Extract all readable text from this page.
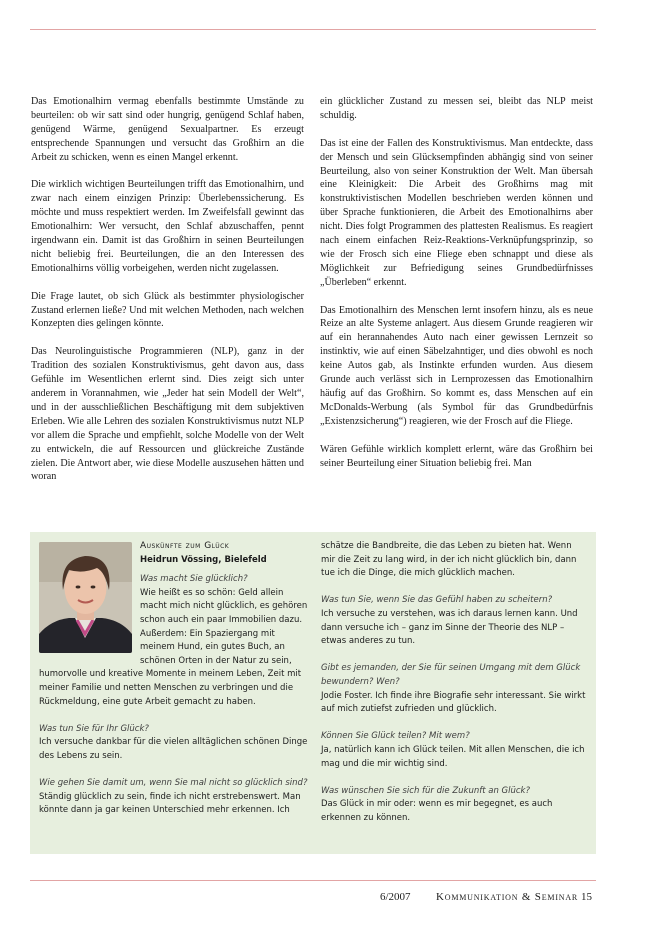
Das Emotionalhirn vermag ebenfalls bestimmte Umstände zu beurteilen: ob wir satt sind oder hungrig, genügend Schlaf haben, genügend Wärme, genügend Sexualpartner. Es erzeugt entsprechende Spannungen und versucht das Großhirn an die Arbeit zu schicken, wenn es einen Mangel erkennt.

Die wirklich wichtigen Beurteilungen trifft das Emotionalhirn, und zwar nach einem einzigen Prinzip: Überlebenssicherung. Es möchte und muss respektiert werden. Im Zweifelsfall gewinnt das Emotionalhirn: Wer versucht, den Schlaf abzuschaffen, pennt irgendwann ein. Damit ist das Großhirn in seinen Beurteilungen nicht beliebig frei. Beurteilungen, die an den Interessen des Emotionalhirns völlig vorbeigehen, werden nicht zugelassen.

Die Frage lautet, ob sich Glück als bestimmter physiologischer Zustand erlernen ließe? Und mit welchen Methoden, nach welchen Konzepten dies gelingen könnte.

Das Neurolinguistische Programmieren (NLP), ganz in der Tradition des sozialen Konstruktivismus, geht davon aus, dass Gefühle im Wesentlichen erlernt sind. Dies zeigt sich unter anderem in Vorannahmen, wie „Jeder hat sein Modell der Welt“, und in der ausschließlichen Beschäftigung mit dem subjektiven Erleben. Wie alle Lehren des sozialen Konstruktivismus nutzt NLP vor allem die Sprache und empfiehlt, solche Modelle von der Welt zu entwickeln, die auf Ressourcen und glückreiche Zustände zielen. Die Antwort aber, wie diese Modelle auszusehen hätten und woran

ein glücklicher Zustand zu messen sei, bleibt das NLP meist schuldig.

Das ist eine der Fallen des Konstruktivismus. Man entdeckte, dass der Mensch und sein Glücksempfinden abhängig sind von seiner Beurteilung, also von seiner Konstruktion der Welt. Man übersah eine Kleinigkeit: Die Arbeit des Großhirns mag mit konstruktivistischen Modellen beschrieben werden können und über Sprache funktionieren, die Arbeit des Emotionalhirns aber nicht. Dies folgt Programmen des plattesten Realismus. Es reagiert nach einem einfachen Reiz-Reaktions-Verknüpfungsprinzip, so wie der Frosch sich eine Fliege eben schnappt und diese als Möglichkeit zur Befriedigung seines Grundbedürfnisses „Überleben“ erkennt.

Das Emotionalhirn des Menschen lernt insofern hinzu, als es neue Reize an alte Systeme anlagert. Aus diesem Grunde reagieren wir auf ein herannahendes Auto nach einer gewissen Lernzeit so instinktiv, wie auf einen Säbelzahntiger, und dies obwohl es noch keine Autos gab, als Instinkte erfunden wurden. Aus diesem Grunde auch verlässt sich in Lernprozessen das Emotionalhirn häufig auf das Großhirn. So kommt es, dass Menschen auf ein McDonalds-Werbung (als Symbol für das Grundbedürfnis „Existenzsicherung“) reagieren, wie der Frosch auf die Fliege.

Wären Gefühle wirklich komplett erlernt, wäre das Großhirn bei seiner Beurteilung einer Situation beliebig frei. Man

Auskünfte zum Glück
Heidrun Vössing, Bielefeld
Was macht Sie glücklich?
Wie heißt es so schön: Geld allein macht mich nicht glücklich, es gehören schon auch ein paar Immobilien dazu. Außerdem: Ein Spaziergang mit meinem Hund, ein gutes Buch, an schönen Orten in der Natur zu sein, humorvolle und kreative Momente in meinem Leben, Zeit mit meiner Familie und netten Menschen zu verbringen und die Rückmeldung, eine gute Arbeit gemacht zu haben.
Was tun Sie für Ihr Glück?
Ich versuche dankbar für die vielen alltäglichen schönen Dinge des Lebens zu sein.
Wie gehen Sie damit um, wenn Sie mal nicht so glücklich sind?
Ständig glücklich zu sein, finde ich nicht erstrebenswert. Man könnte dann ja gar keinen Unterschied mehr erkennen. Ich
schätze die Bandbreite, die das Leben zu bieten hat. Wenn mir die Zeit zu lang wird, in der ich nicht glücklich bin, dann tue ich die Dinge, die mich glücklich machen.
Was tun Sie, wenn Sie das Gefühl haben zu scheitern?
Ich versuche zu verstehen, was ich daraus lernen kann. Und dann versuche ich – ganz im Sinne der Theorie des NLP – etwas anderes zu tun.
Gibt es jemanden, der Sie für seinen Umgang mit dem Glück bewundern? Wen?
Jodie Foster. Ich finde ihre Biografie sehr interessant. Sie wirkt auf mich zutiefst zufrieden und glücklich.
Können Sie Glück teilen? Mit wem?
Ja, natürlich kann ich Glück teilen. Mit allen Menschen, die ich mag und die mir wichtig sind.
Was wünschen Sie sich für die Zukunft an Glück?
Das Glück in mir oder: wenn es mir begegnet, es auch erkennen zu können.
6/2007 Kommunikation & Seminar 15
